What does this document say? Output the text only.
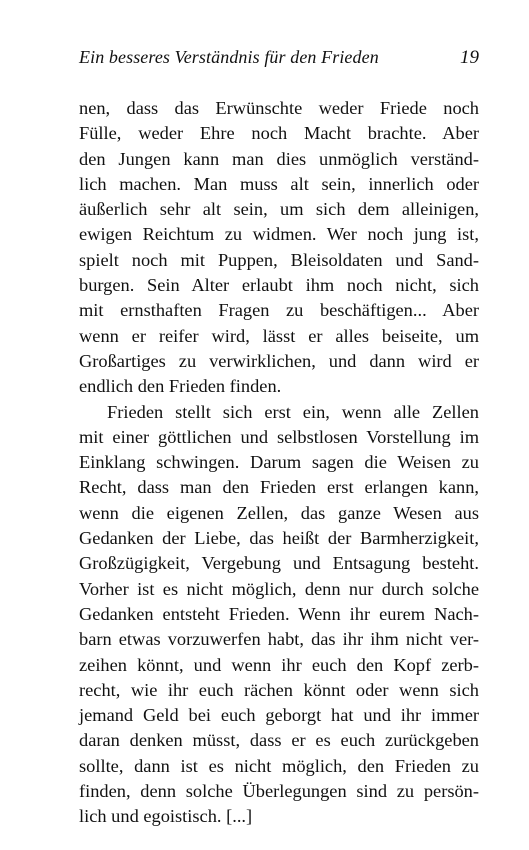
Ein besseres Verständnis für den Frieden	19
nen, dass das Erwünschte weder Friede noch
Fülle, weder Ehre noch Macht brachte. Aber
den Jungen kann man dies unmöglich verständ-
lich machen. Man muss alt sein, innerlich oder
äußerlich sehr alt sein, um sich dem alleinigen,
ewigen Reichtum zu widmen. Wer noch jung ist,
spielt noch mit Puppen, Bleisoldaten und Sand-
burgen. Sein Alter erlaubt ihm noch nicht, sich
mit ernsthaften Fragen zu beschäftigen... Aber
wenn er reifer wird, lässt er alles beiseite, um
Großartiges zu verwirklichen, und dann wird er
endlich den Frieden finden.
Frieden stellt sich erst ein, wenn alle Zellen
mit einer göttlichen und selbstlosen Vorstellung im
Einklang schwingen. Darum sagen die Weisen zu
Recht, dass man den Frieden erst erlangen kann,
wenn die eigenen Zellen, das ganze Wesen aus
Gedanken der Liebe, das heißt der Barmherzigkeit,
Großzügigkeit, Vergebung und Entsagung besteht.
Vorher ist es nicht möglich, denn nur durch solche
Gedanken entsteht Frieden. Wenn ihr eurem Nach-
barn etwas vorzuwerfen habt, das ihr ihm nicht ver-
zeihen könnt, und wenn ihr euch den Kopf zerb-
recht, wie ihr euch rächen könnt oder wenn sich
jemand Geld bei euch geborgt hat und ihr immer
daran denken müsst, dass er es euch zurückgeben
sollte, dann ist es nicht möglich, den Frieden zu
finden, denn solche Überlegungen sind zu persön-
lich und egoistisch. [...]
